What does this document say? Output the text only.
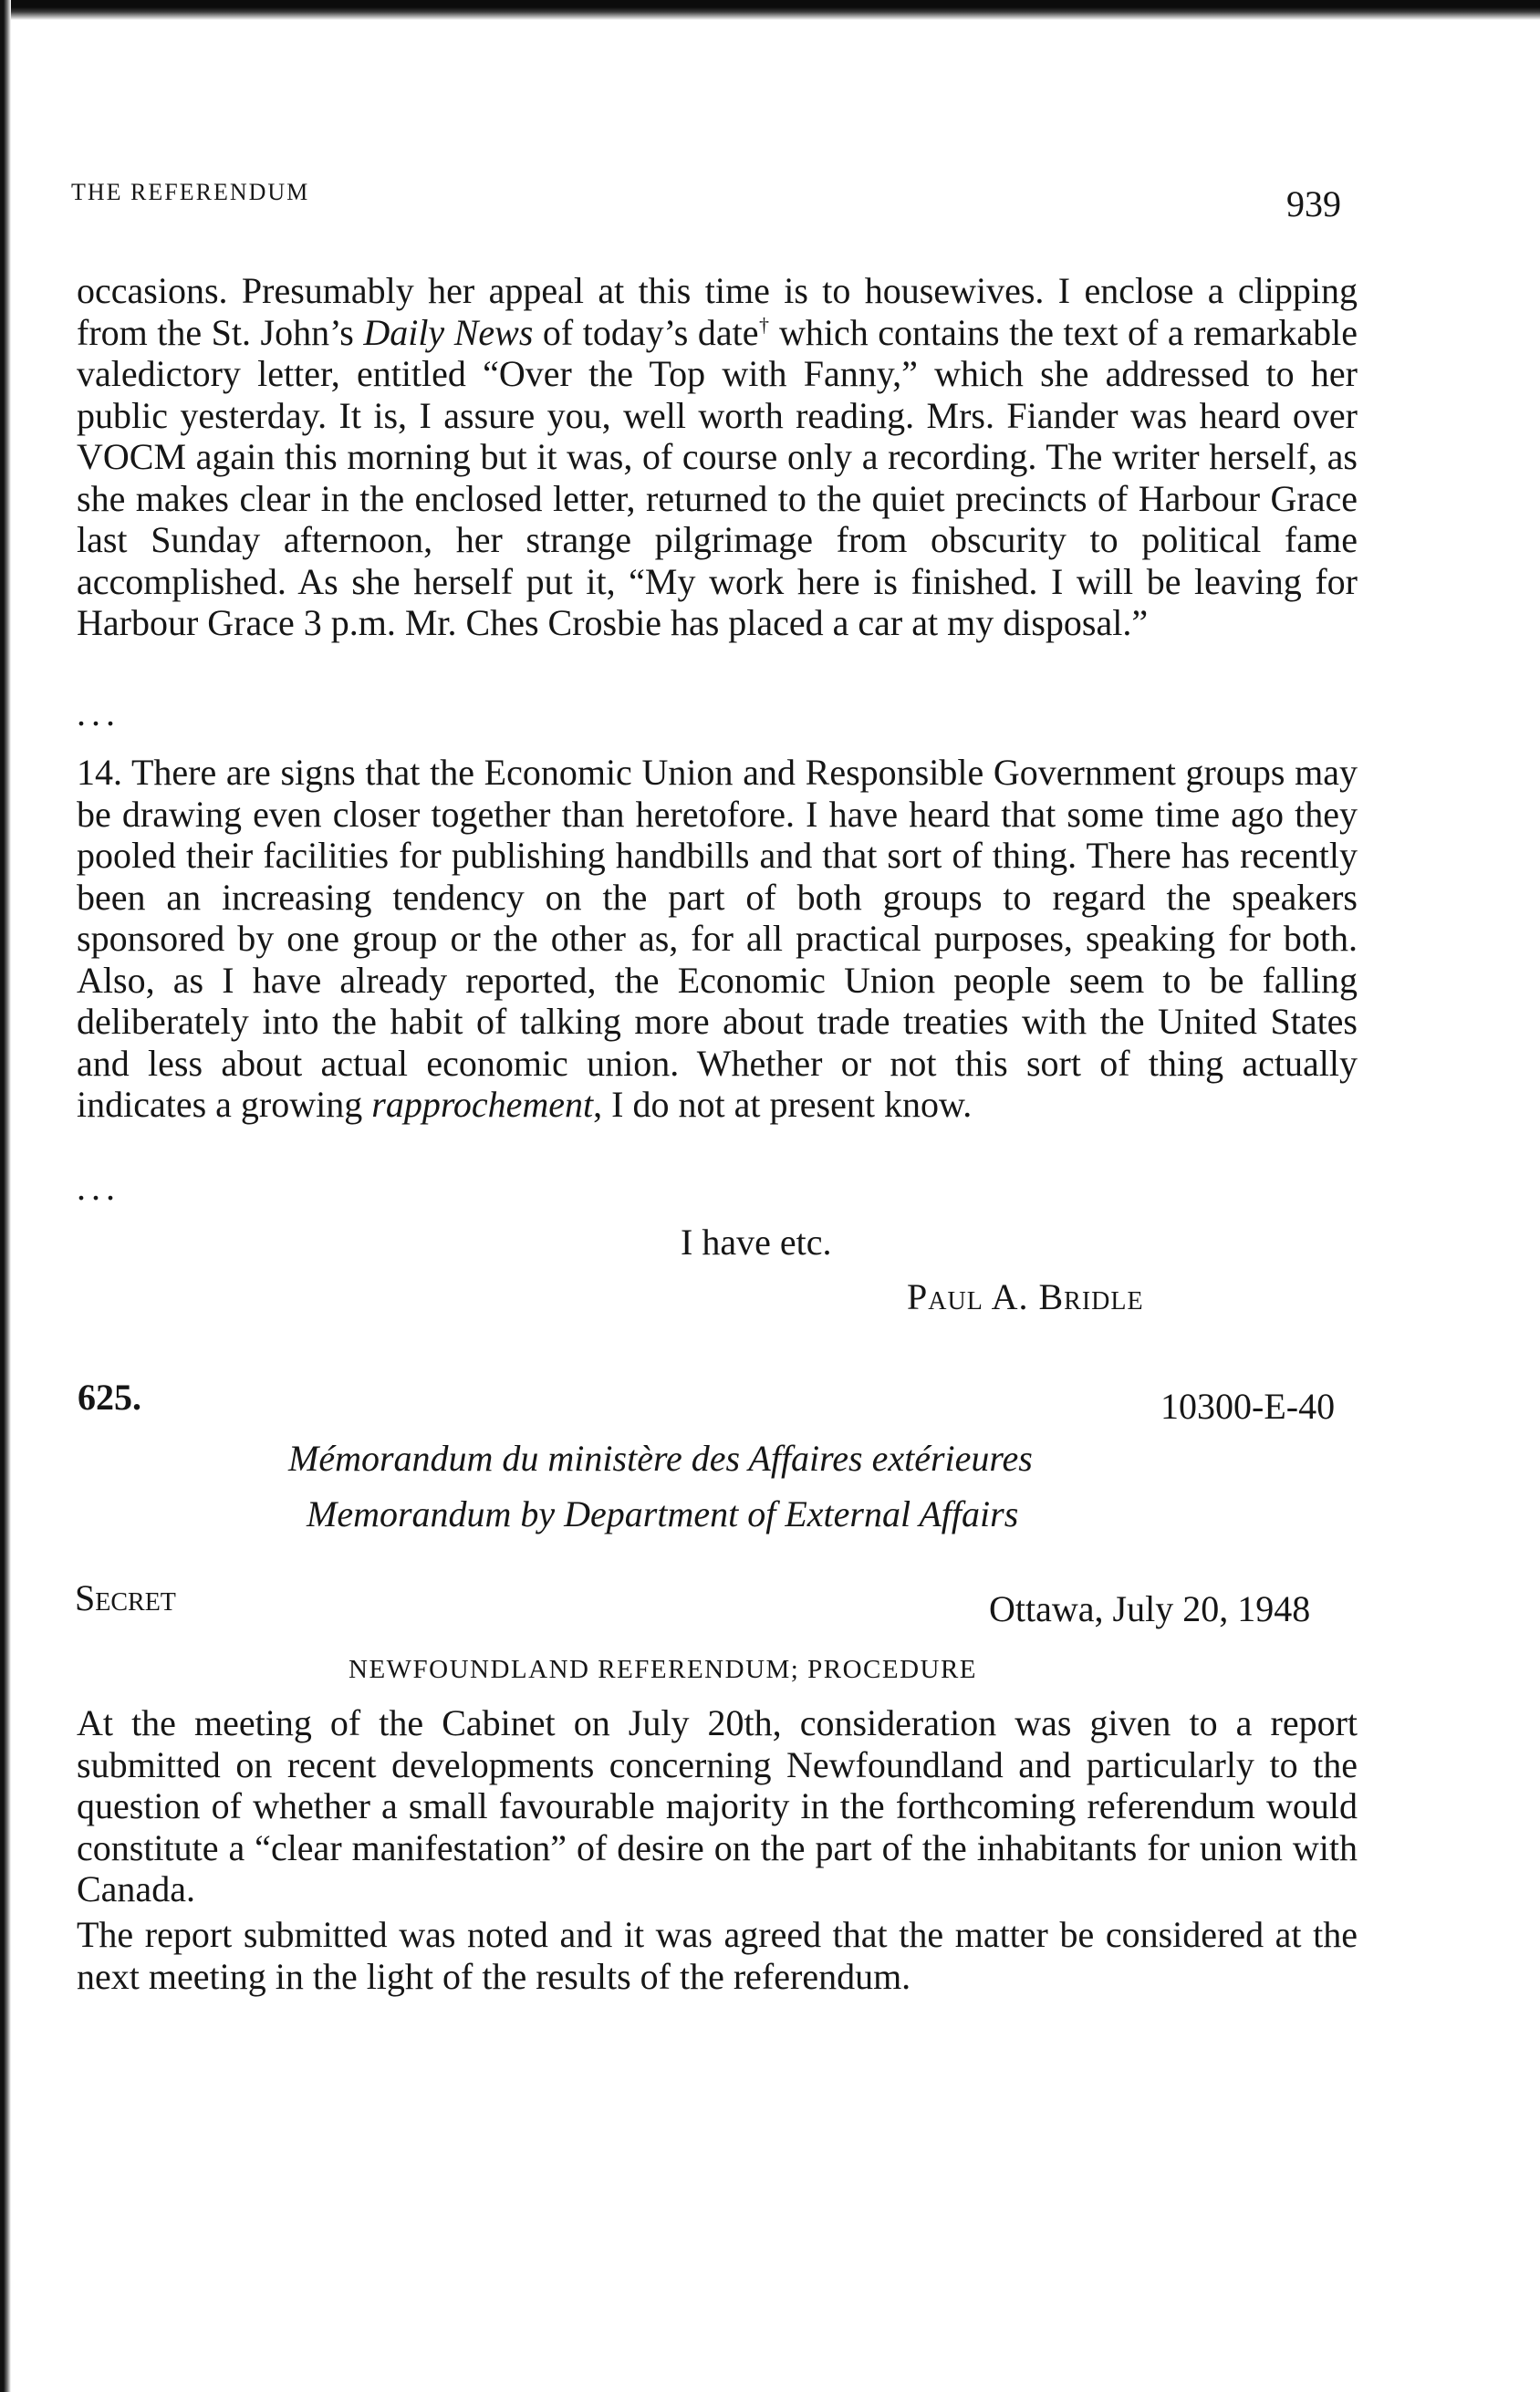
THE REFERENDUM	939

occasions. Presumably her appeal at this time is to housewives. I enclose a clipping from the St. John’s Daily News of today’s date† which contains the text of a remarkable valedictory letter, entitled “Over the Top with Fanny,” which she addressed to her public yesterday. It is, I assure you, well worth reading. Mrs. Fiander was heard over VOCM again this morning but it was, of course only a recording. The writer herself, as she makes clear in the enclosed letter, returned to the quiet precincts of Harbour Grace last Sunday afternoon, her strange pilgrimage from obscurity to political fame accomplished. As she herself put it, “My work here is finished. I will be leaving for Harbour Grace 3 p.m. Mr. Ches Crosbie has placed a car at my disposal.”

...

14. There are signs that the Economic Union and Responsible Government groups may be drawing even closer together than heretofore. I have heard that some time ago they pooled their facilities for publishing handbills and that sort of thing. There has recently been an increasing tendency on the part of both groups to regard the speakers sponsored by one group or the other as, for all practical purposes, speaking for both. Also, as I have already reported, the Economic Union people seem to be falling deliberately into the habit of talking more about trade treaties with the United States and less about actual economic union. Whether or not this sort of thing actually indicates a growing rapprochement, I do not at present know.

...
I have etc.
Paul A. Bridle
625.	10300-E-40
Mémorandum du ministère des Affaires extérieures
Memorandum by Department of External Affairs
Secret	Ottawa, July 20, 1948
NEWFOUNDLAND REFERENDUM; PROCEDURE

At the meeting of the Cabinet on July 20th, consideration was given to a report submitted on recent developments concerning Newfoundland and particularly to the question of whether a small favourable majority in the forthcoming referendum would constitute a “clear manifestation” of desire on the part of the inhabitants for union with Canada.

The report submitted was noted and it was agreed that the matter be considered at the next meeting in the light of the results of the referendum.
